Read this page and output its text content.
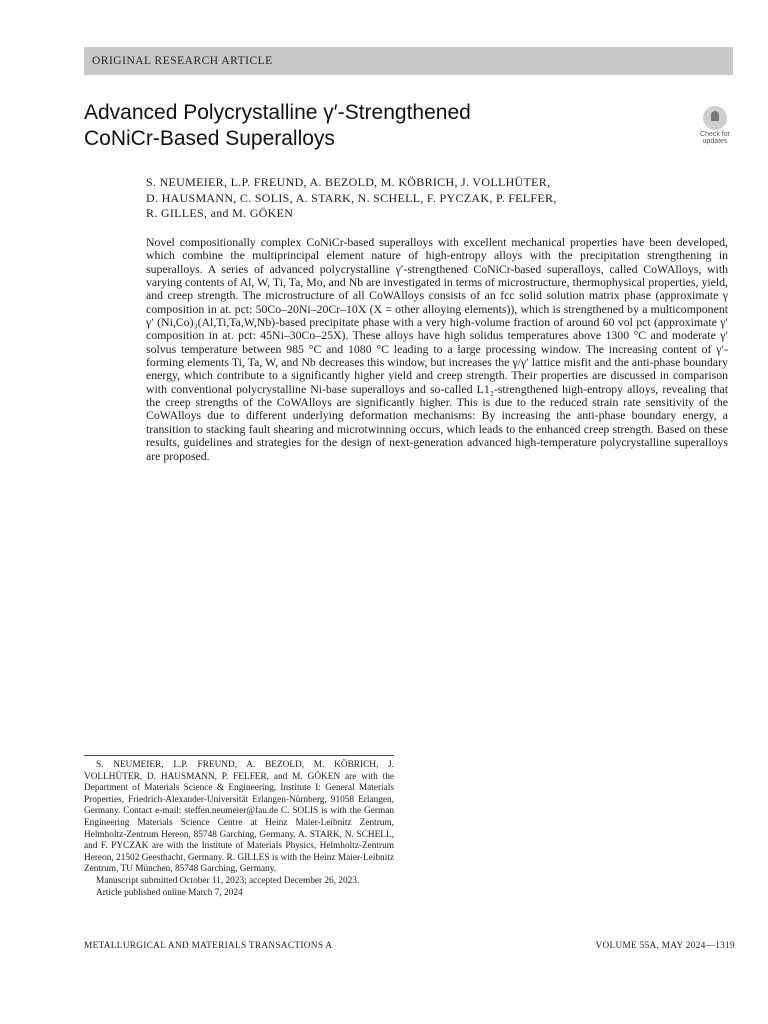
ORIGINAL RESEARCH ARTICLE
Advanced Polycrystalline γ′-Strengthened
CoNiCr-Based Superalloys	Check for
updates
S. NEUMEIER, L.P. FREUND, A. BEZOLD, M. KÖBRICH, J. VOLLHÜTER,
D. HAUSMANN, C. SOLIS, A. STARK, N. SCHELL, F. PYCZAK, P. FELFER,
R. GILLES, and M. GÖKEN

Novel compositionally complex CoNiCr-based superalloys with excellent mechanical properties have been developed, which combine the multiprincipal element nature of high-entropy alloys with the precipitation strengthening in superalloys. A series of advanced polycrystalline γ′-strengthened CoNiCr-based superalloys, called CoWAlloys, with varying contents of Al, W, Ti, Ta, Mo, and Nb are investigated in terms of microstructure, thermophysical properties, yield, and creep strength. The microstructure of all CoWAlloys consists of an fcc solid solution matrix phase (approximate γ composition in at. pct: 50Co–20Ni–20Cr–10X (X = other alloying elements)), which is strengthened by a multicomponent γ′ (Ni,Co)₃(Al,Ti,Ta,W,Nb)-based precipitate phase with a very high-volume fraction of around 60 vol pct (approximate γ′ composition in at. pct: 45Ni–30Co–25X). These alloys have high solidus temperatures above 1300 °C and moderate γ′ solvus temperature between 985 °C and 1080 °C leading to a large processing window. The increasing content of γ′-forming elements Ti, Ta, W, and Nb decreases this window, but increases the γ/γ′ lattice misfit and the anti-phase boundary energy, which contribute to a significantly higher yield and creep strength. Their properties are discussed in comparison with conventional polycrystalline Ni-base superalloys and so-called L1₂-strengthened high-entropy alloys, revealing that the creep strengths of the CoWAlloys are significantly higher. This is due to the reduced strain rate sensitivity of the CoWAlloys due to different underlying deformation mechanisms: By increasing the anti-phase boundary energy, a transition to stacking fault shearing and microtwinning occurs, which leads to the enhanced creep strength. Based on these results, guidelines and strategies for the design of next-generation advanced high-temperature polycrystalline superalloys are proposed.

S. NEUMEIER, L.P. FREUND, A. BEZOLD, M. KÖBRICH, J. VOLLHÜTER, D. HAUSMANN, P. FELFER, and M. GÖKEN are with the Department of Materials Science & Engineering, Institute I: General Materials Properties, Friedrich-Alexander-Universität Erlangen-Nürnberg, 91058 Erlangen, Germany. Contact e-mail: steffen.neumeier@fau.de C. SOLIS is with the German Engineering Materials Science Centre at Heinz Maier-Leibnitz Zentrum, Helmholtz-Zentrum Hereon, 85748 Garching, Germany. A. STARK, N. SCHELL, and F. PYCZAK are with the Institute of Materials Physics, Helmholtz-Zentrum Hereon, 21502 Geesthacht, Germany. R. GILLES is with the Heinz Maier-Leibnitz Zentrum, TU München, 85748 Garching, Germany.

Manuscript submitted October 11, 2023; accepted December 26, 2023.

Article published online March 7, 2024

METALLURGICAL AND MATERIALS TRANSACTIONS A	VOLUME 55A, MAY 2024—1319
